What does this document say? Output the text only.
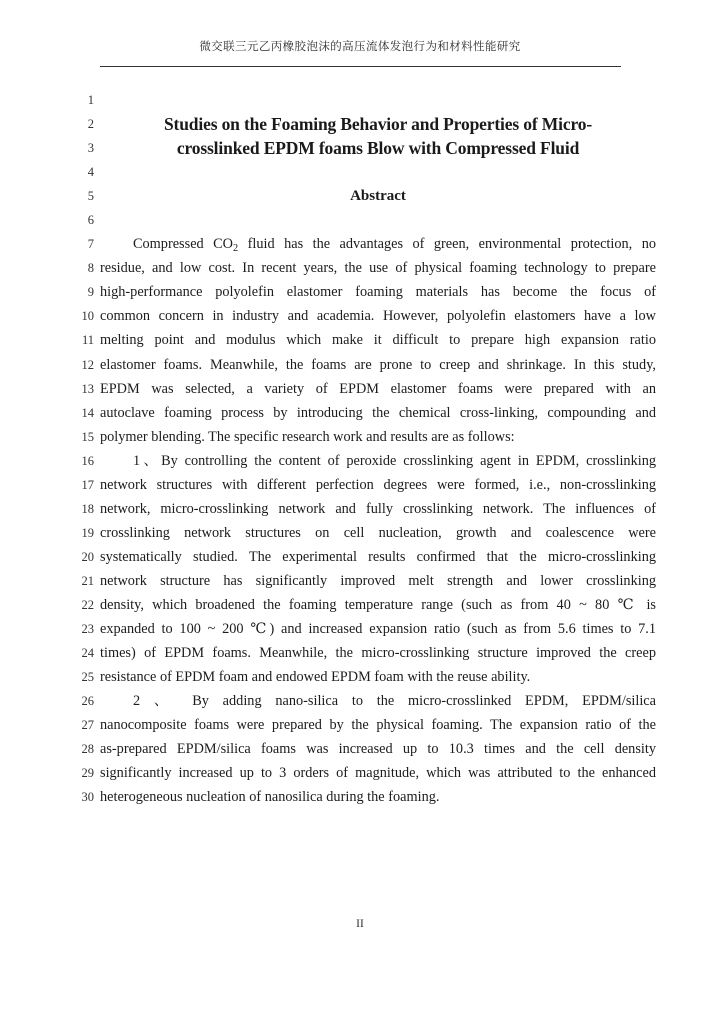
微交联三元乙丙橡胶泡沫的高压流体发泡行为和材料性能研究
1
2
3
4
5
6
7
8
9
10
11
12
13
14
15
16
17
18
19
20
21
22
23
24
25
26
27
28
29
30
Studies on the Foaming Behavior and Properties of Micro-
crosslinked EPDM foams Blow with Compressed Fluid
Abstract
Compressed $CO_2$ fluid has the advantages of green, environmental protection, no
residue, and low cost. In recent years, the use of physical foaming technology to prepare
high-performance polyolefin elastomer foaming materials has become the focus of
common concern in industry and academia. However, polyolefin elastomers have a low
melting point and modulus which make it difficult to prepare high expansion ratio
elastomer foams. Meanwhile, the foams are prone to creep and shrinkage. In this study,
EPDM was selected, a variety of EPDM elastomer foams were prepared with an
autoclave foaming process by introducing the chemical cross-linking, compounding and
polymer blending. The specific research work and results are as follows:
1、By controlling the content of peroxide crosslinking agent in EPDM, crosslinking
network structures with different perfection degrees were formed, i.e., non-crosslinking
network, micro-crosslinking network and fully crosslinking network. The influences of
crosslinking network structures on cell nucleation, growth and coalescence were
systematically studied. The experimental results confirmed that the micro-crosslinking
network structure has significantly improved melt strength and lower crosslinking
density, which broadened the foaming temperature range (such as from 40 ~ 80 ℃ is
expanded to 100 ~ 200 ℃) and increased expansion ratio (such as from 5.6 times to 7.1
times) of EPDM foams. Meanwhile, the micro-crosslinking structure improved the creep
resistance of EPDM foam and endowed EPDM foam with the reuse ability.
2 、 By adding nano-silica to the micro-crosslinked EPDM, EPDM/silica
nanocomposite foams were prepared by the physical foaming. The expansion ratio of the
as-prepared EPDM/silica foams was increased up to 10.3 times and the cell density
significantly increased up to 3 orders of magnitude, which was attributed to the enhanced
heterogeneous nucleation of nanosilica during the foaming.
II
